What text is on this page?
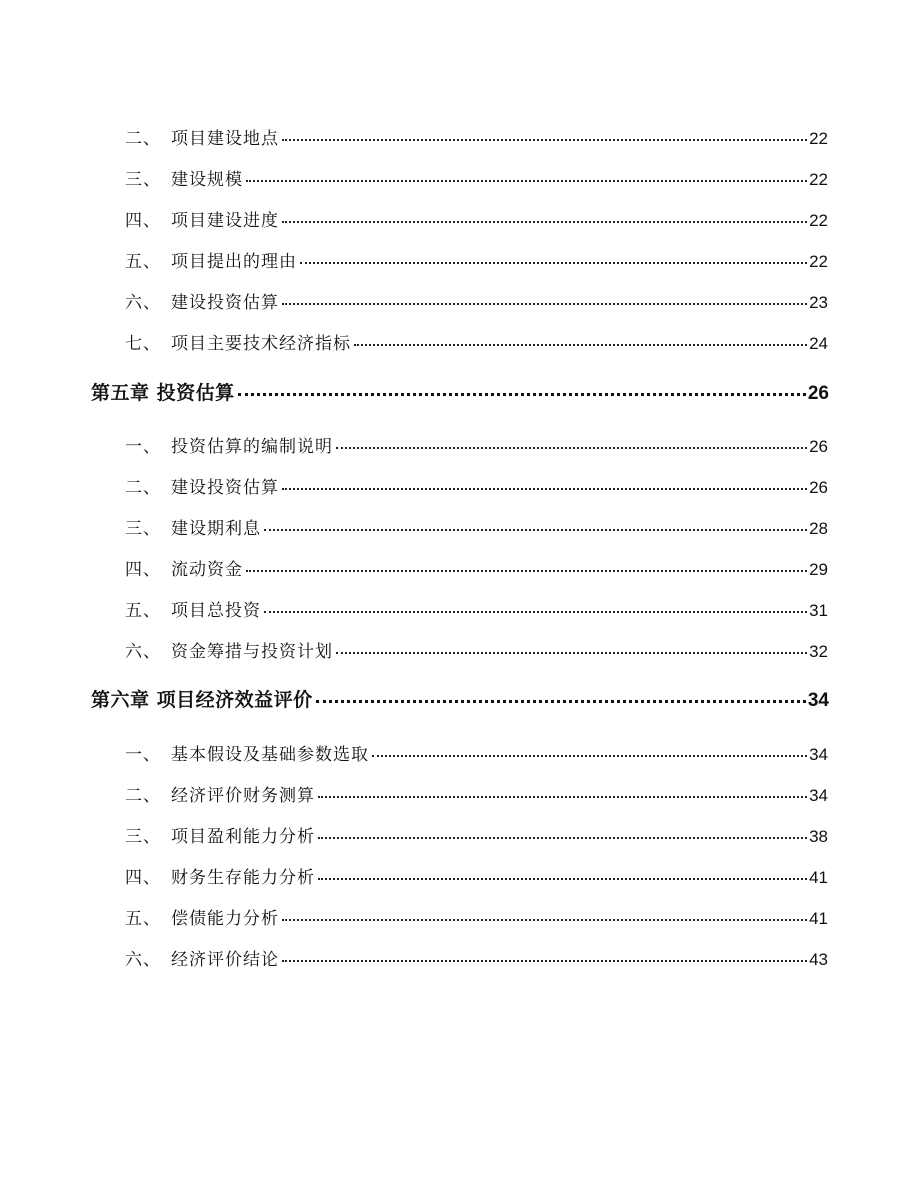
二、 项目建设地点	22
三、 建设规模	22
四、 项目建设进度	22
五、 项目提出的理由	22
六、 建设投资估算	23
七、 项目主要技术经济指标	24
第五章 投资估算	26
一、 投资估算的编制说明	26
二、 建设投资估算	26
三、 建设期利息	28
四、 流动资金	29
五、 项目总投资	31
六、 资金筹措与投资计划	32
第六章 项目经济效益评价	34
一、 基本假设及基础参数选取	34
二、 经济评价财务测算	34
三、 项目盈利能力分析	38
四、 财务生存能力分析	41
五、 偿债能力分析	41
六、 经济评价结论	43
